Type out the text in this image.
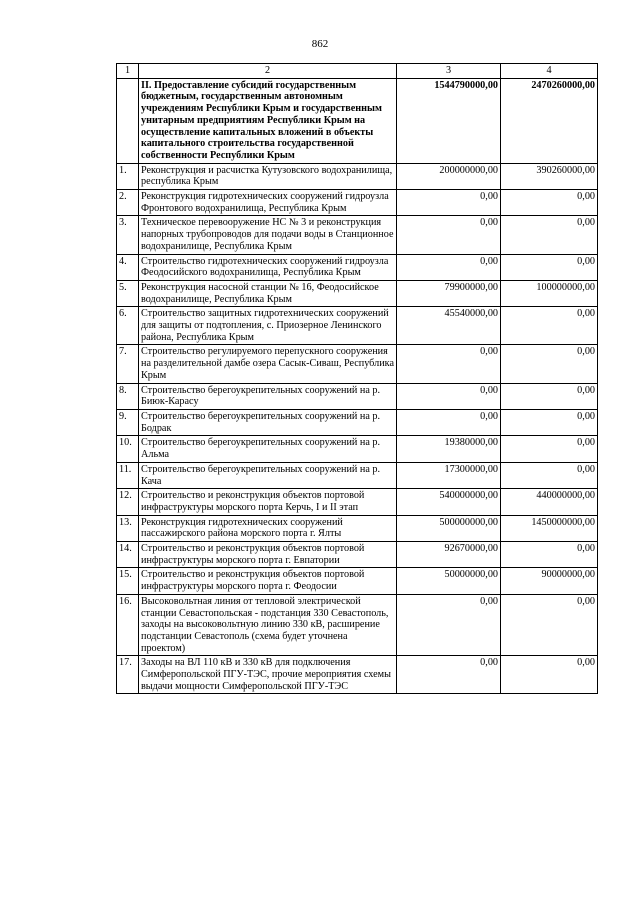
862
1	2	3	4
	II. Предоставление субсидий государственным бюджетным, государственным автономным учреждениям Республики Крым и государственным унитарным предприятиям Республики Крым на осуществление капитальных вложений в объекты капитального строительства государственной собственности Республики Крым	1544790000,00	2470260000,00
1.	Реконструкция и расчистка Кутузовского водохранилища, республика Крым	200000000,00	390260000,00
2.	Реконструкция гидротехнических сооружений гидроузла Фронтового водохранилища, Республика Крым	0,00	0,00
3.	Техническое перевооружение НС № 3 и реконструкция напорных трубопроводов для подачи воды в Станционное водохранилище, Республика Крым	0,00	0,00
4.	Строительство гидротехнических сооружений гидроузла Феодосийского водохранилища, Республика Крым	0,00	0,00
5.	Реконструкция насосной станции № 16, Феодосийское водохранилище, Республика Крым	79900000,00	100000000,00
6.	Строительство защитных гидротехнических сооружений для защиты от подтопления, с. Приозерное Ленинского района, Республика Крым	45540000,00	0,00
7.	Строительство регулируемого перепускного сооружения на разделительной дамбе озера Сасык-Сиваш, Республика Крым	0,00	0,00
8.	Строительство берегоукрепительных сооружений на р. Биюк-Карасу	0,00	0,00
9.	Строительство берегоукрепительных сооружений на р. Бодрак	0,00	0,00
10.	Строительство берегоукрепительных сооружений на р. Альма	19380000,00	0,00
11.	Строительство берегоукрепительных сооружений на р. Кача	17300000,00	0,00
12.	Строительство и реконструкция объектов портовой инфраструктуры морского порта Керчь, I и II этап	540000000,00	440000000,00
13.	Реконструкция гидротехнических сооружений пассажирского района морского порта г. Ялты	500000000,00	1450000000,00
14.	Строительство и реконструкция объектов портовой инфраструктуры морского порта г. Евпатории	92670000,00	0,00
15.	Строительство и реконструкция объектов портовой инфраструктуры морского порта г. Феодосии	50000000,00	90000000,00
16.	Высоковольтная линия от тепловой электрической станции Севастопольская - подстанция 330 Севастополь, заходы на высоковольтную линию 330 кВ, расширение подстанции Севастополь (схема будет уточнена проектом)	0,00	0,00
17.	Заходы на ВЛ 110 кВ и 330 кВ для подключения Симферопольской ПГУ-ТЭС, прочие мероприятия схемы выдачи мощности Симферопольской ПГУ-ТЭС	0,00	0,00
